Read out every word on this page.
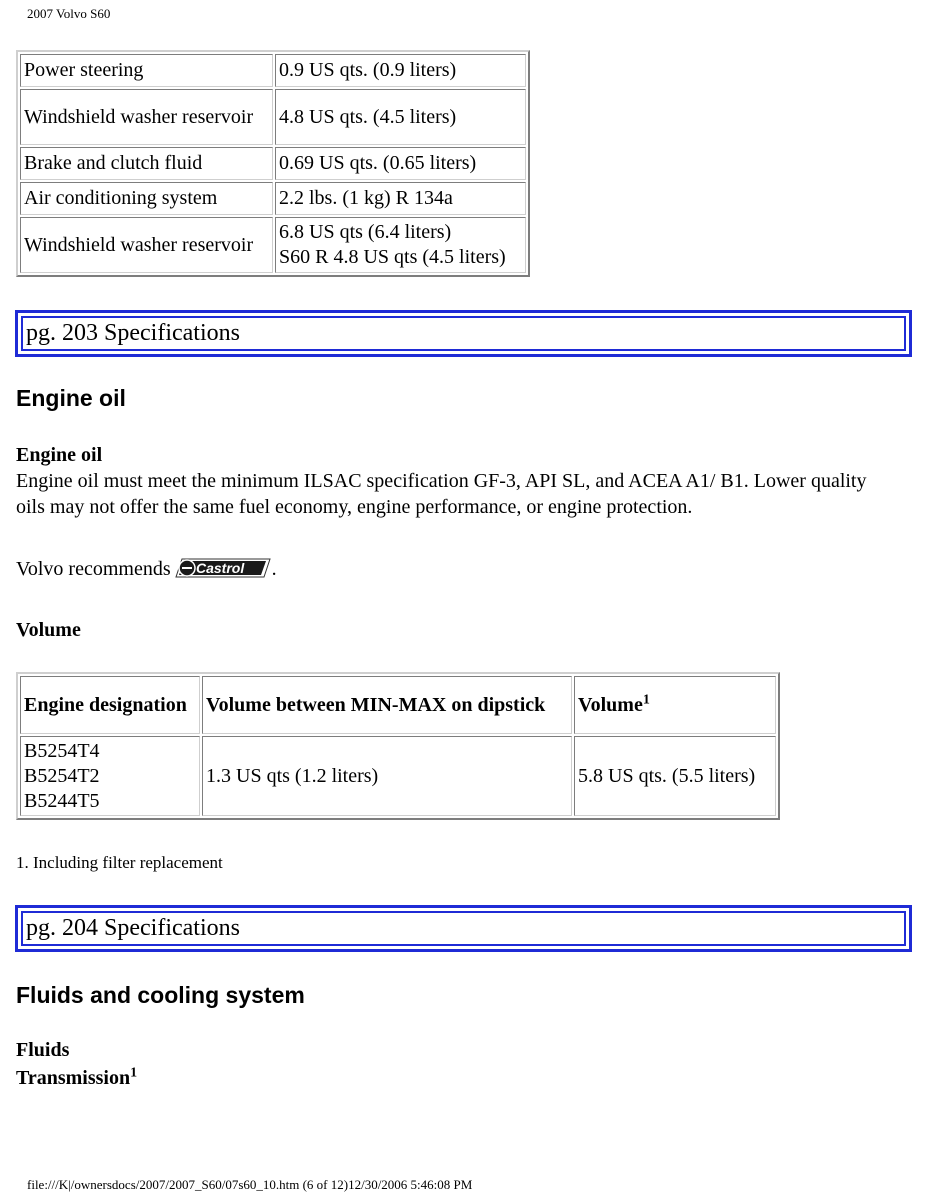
2007 Volvo S60
Power steering	0.9 US qts. (0.9 liters)
Windshield washer reservoir	4.8 US qts. (4.5 liters)
Brake and clutch fluid	0.69 US qts. (0.65 liters)
Air conditioning system	2.2 lbs. (1 kg) R 134a
Windshield washer reservoir	6.8 US qts (6.4 liters)
S60 R 4.8 US qts (4.5 liters)
pg. 203 Specifications
Engine oil
Engine oil
Engine oil must meet the minimum ILSAC specification GF-3, API SL, and ACEA A1/ B1. Lower quality oils may not offer the same fuel economy, engine performance, or engine protection.
Volvo recommends Castrol .
Volume
Engine designation	Volume between MIN-MAX on dipstick	Volume$^1$

B5254T4
B5254T2
B5244T5	1.3 US qts (1.2 liters)	5.8 US qts. (5.5 liters)
1. Including filter replacement
pg. 204 Specifications
Fluids and cooling system
Fluids
Transmission$^1$
file:///K|/ownersdocs/2007/2007_S60/07s60_10.htm (6 of 12)12/30/2006 5:46:08 PM
